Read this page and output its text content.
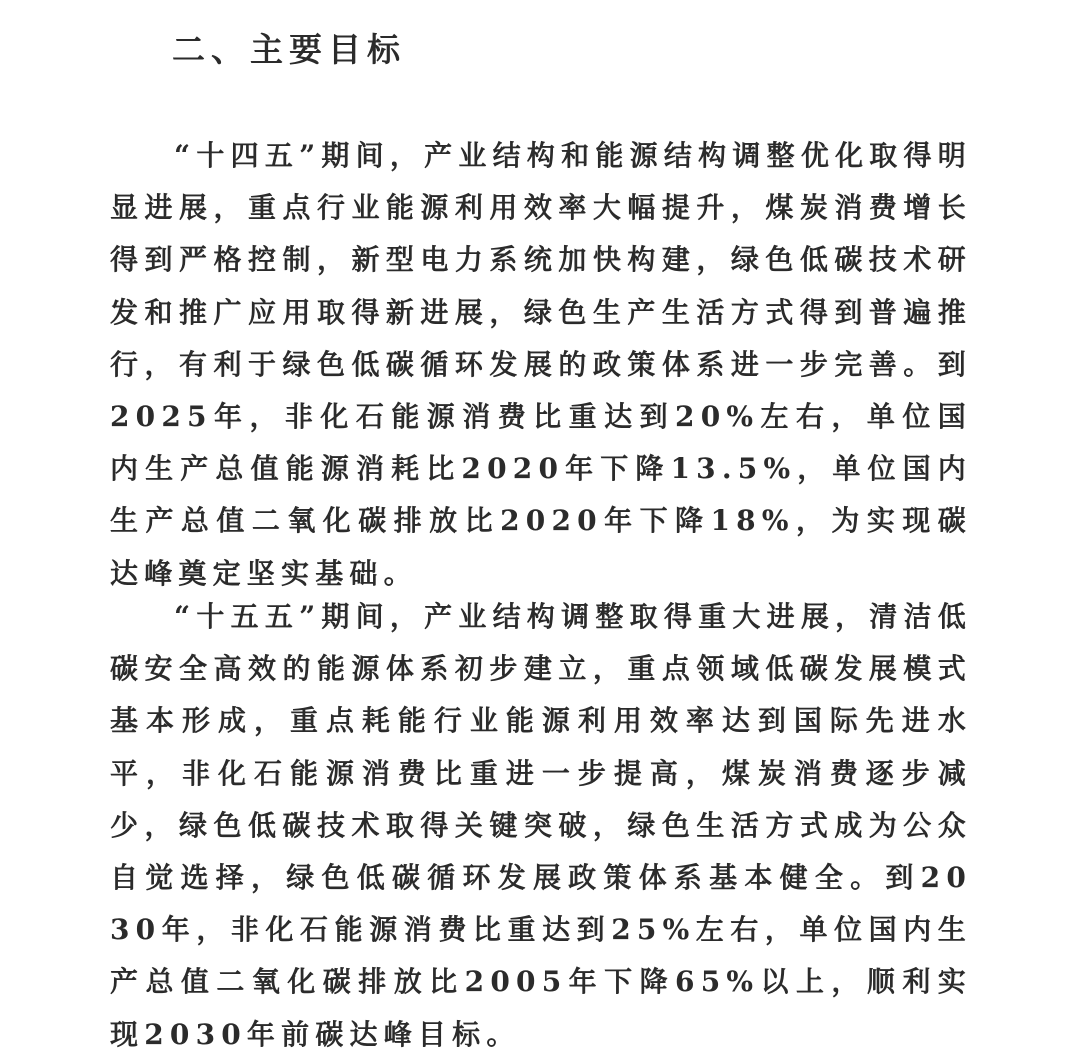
二、主要目标

“十四五”期间，产业结构和能源结构调整优化取得明显进展，重点行业能源利用效率大幅提升，煤炭消费增长得到严格控制，新型电力系统加快构建，绿色低碳技术研发和推广应用取得新进展，绿色生产生活方式得到普遍推行，有利于绿色低碳循环发展的政策体系进一步完善。到2025年，非化石能源消费比重达到20%左右，单位国内生产总值能源消耗比2020年下降13.5%，单位国内生产总值二氧化碳排放比2020年下降18%，为实现碳达峰奠定坚实基础。

“十五五”期间，产业结构调整取得重大进展，清洁低碳安全高效的能源体系初步建立，重点领域低碳发展模式基本形成，重点耗能行业能源利用效率达到国际先进水平，非化石能源消费比重进一步提高，煤炭消费逐步减少，绿色低碳技术取得关键突破，绿色生活方式成为公众自觉选择，绿色低碳循环发展政策体系基本健全。到2030年，非化石能源消费比重达到25%左右，单位国内生产总值二氧化碳排放比2005年下降65%以上，顺利实现2030年前碳达峰目标。
